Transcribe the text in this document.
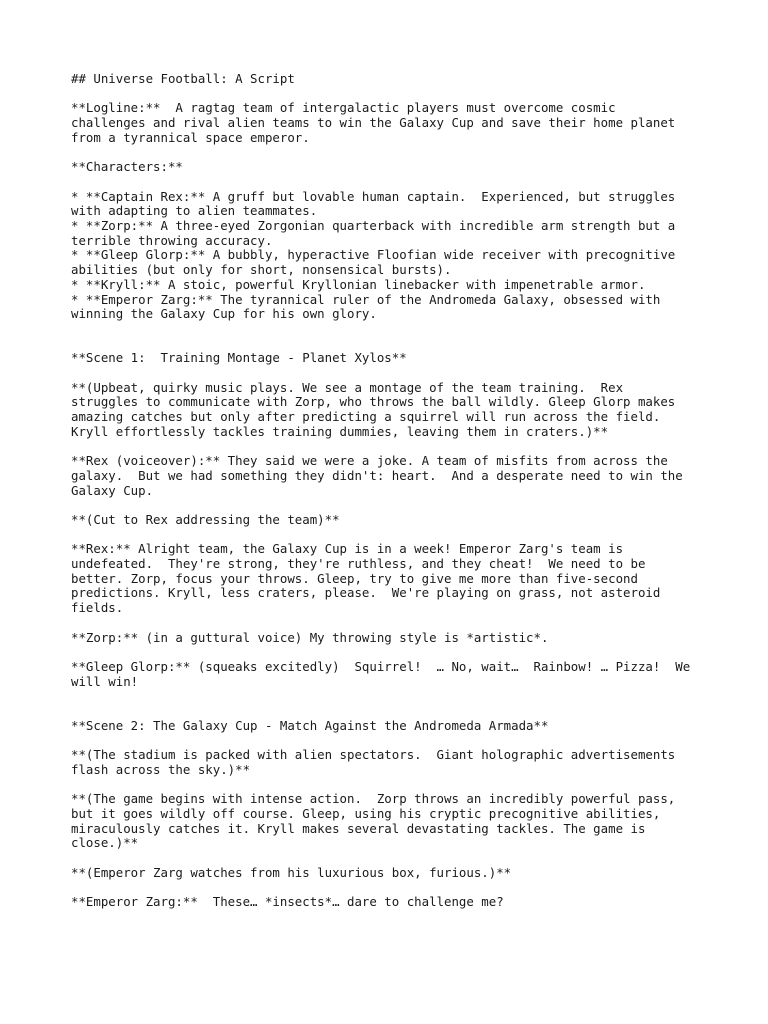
## Universe Football: A Script
**Logline:**  A ragtag team of intergalactic players must overcome cosmic
challenges and rival alien teams to win the Galaxy Cup and save their home planet
from a tyrannical space emperor.
**Characters:**
* **Captain Rex:** A gruff but lovable human captain.  Experienced, but struggles
with adapting to alien teammates.
* **Zorp:** A three-eyed Zorgonian quarterback with incredible arm strength but a
terrible throwing accuracy.
* **Gleep Glorp:** A bubbly, hyperactive Floofian wide receiver with precognitive
abilities (but only for short, nonsensical bursts).
* **Kryll:** A stoic, powerful Kryllonian linebacker with impenetrable armor.
* **Emperor Zarg:** The tyrannical ruler of the Andromeda Galaxy, obsessed with
winning the Galaxy Cup for his own glory.
**Scene 1:  Training Montage - Planet Xylos**
**(Upbeat, quirky music plays. We see a montage of the team training.  Rex
struggles to communicate with Zorp, who throws the ball wildly. Gleep Glorp makes
amazing catches but only after predicting a squirrel will run across the field.
Kryll effortlessly tackles training dummies, leaving them in craters.)**
**Rex (voiceover):** They said we were a joke. A team of misfits from across the
galaxy.  But we had something they didn't: heart.  And a desperate need to win the
Galaxy Cup.
**(Cut to Rex addressing the team)**
**Rex:** Alright team, the Galaxy Cup is in a week! Emperor Zarg's team is
undefeated.  They're strong, they're ruthless, and they cheat!  We need to be
better. Zorp, focus your throws. Gleep, try to give me more than five-second
predictions. Kryll, less craters, please.  We're playing on grass, not asteroid
fields.
**Zorp:** (in a guttural voice) My throwing style is *artistic*.
**Gleep Glorp:** (squeaks excitedly)  Squirrel!  … No, wait…  Rainbow! … Pizza!  We
will win!
**Scene 2: The Galaxy Cup - Match Against the Andromeda Armada**
**(The stadium is packed with alien spectators.  Giant holographic advertisements
flash across the sky.)**
**(The game begins with intense action.  Zorp throws an incredibly powerful pass,
but it goes wildly off course. Gleep, using his cryptic precognitive abilities,
miraculously catches it. Kryll makes several devastating tackles. The game is
close.)**
**(Emperor Zarg watches from his luxurious box, furious.)**
**Emperor Zarg:**  These… *insects*… dare to challenge me?
